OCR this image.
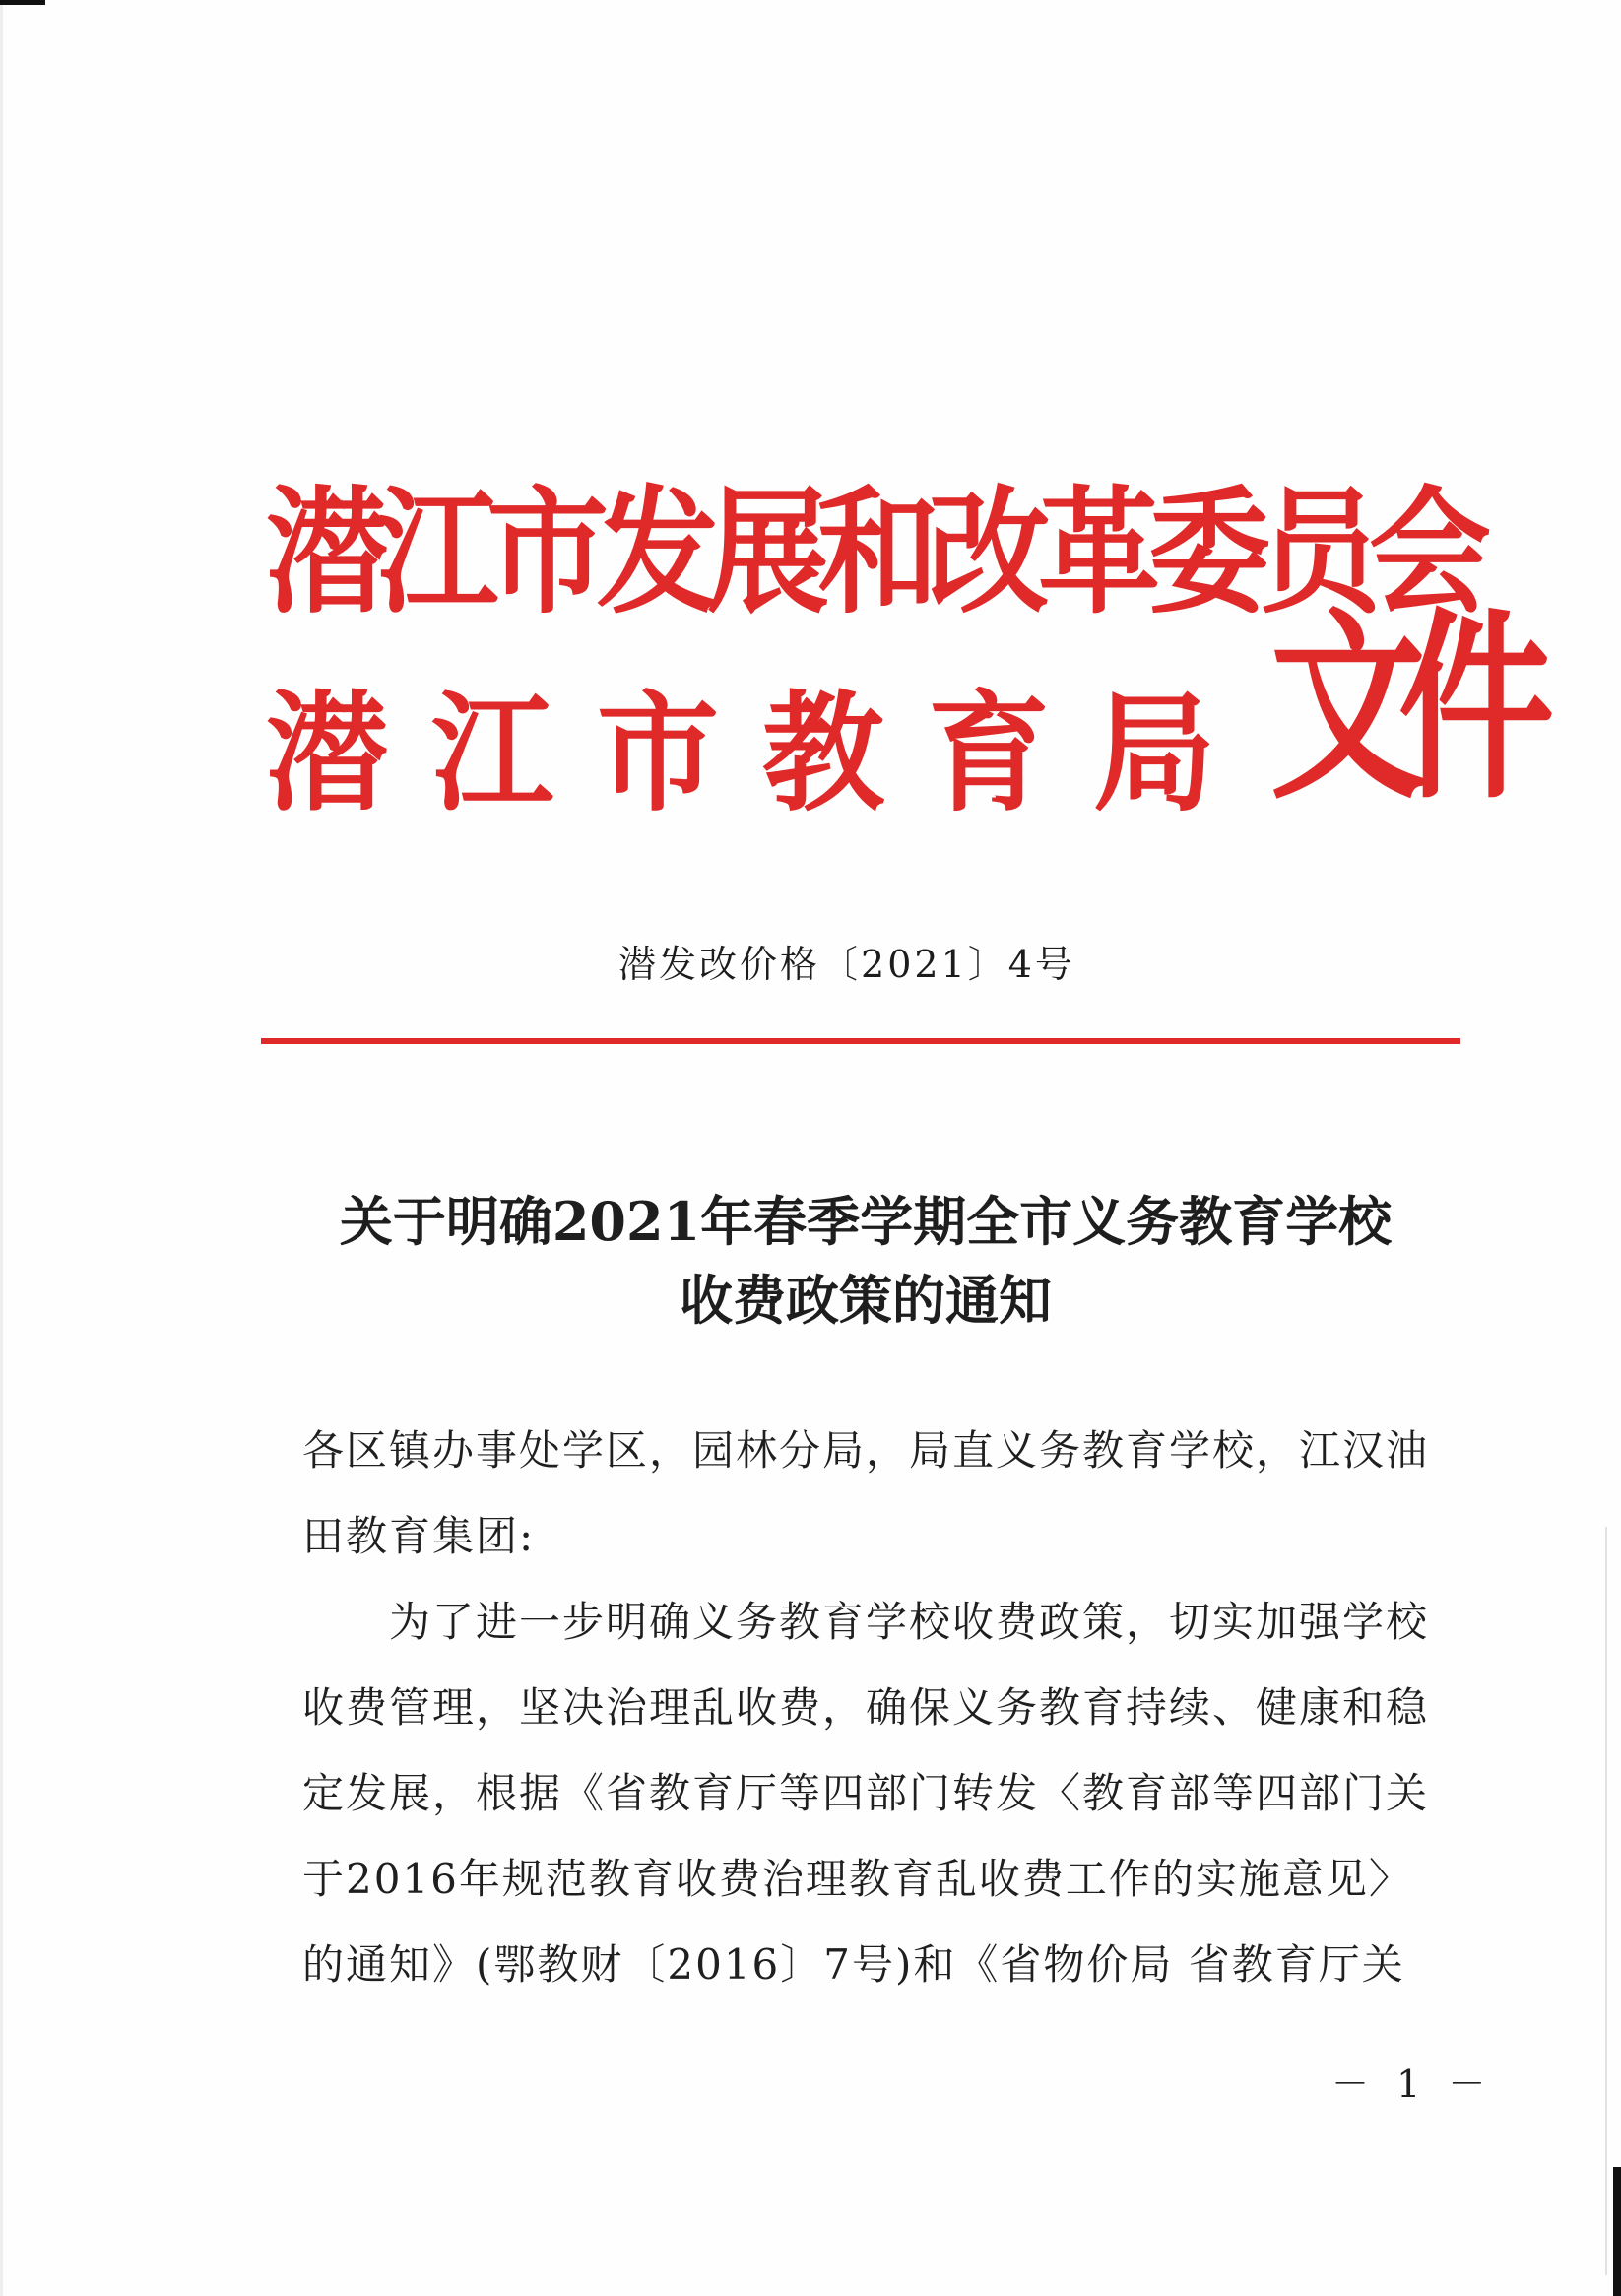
潜江市发展和改革委员会
潜江市教育局 文件
潜发改价格〔2021〕4号
关于明确2021年春季学期全市义务教育学校
收费政策的通知
各区镇办事处学区，园林分局，局直义务教育学校，江汉油
田教育集团:
为了进一步明确义务教育学校收费政策，切实加强学校
收费管理，坚决治理乱收费，确保义务教育持续、健康和稳
定发展，根据《省教育厅等四部门转发〈教育部等四部门关
于2016年规范教育收费治理教育乱收费工作的实施意见〉
的通知》(鄂教财〔2016〕7号)和《省物价局 省教育厅关
－ 1 －
